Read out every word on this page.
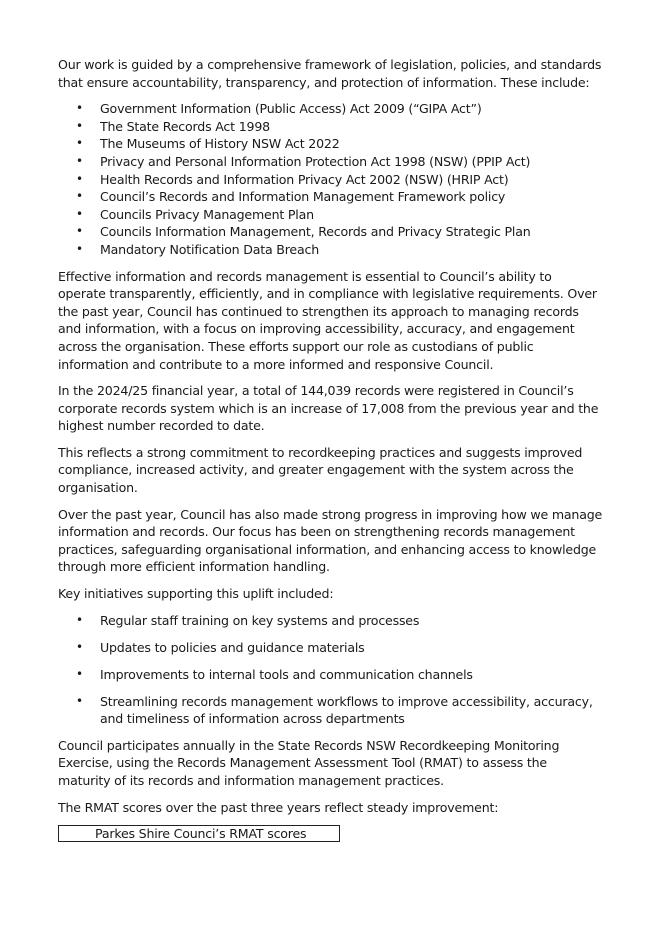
Our work is guided by a comprehensive framework of legislation, policies, and standards that ensure accountability, transparency, and protection of information. These include:

• Government Information (Public Access) Act 2009 (“GIPA Act”)
• The State Records Act 1998
• The Museums of History NSW Act 2022
• Privacy and Personal Information Protection Act 1998 (NSW) (PPIP Act)
• Health Records and Information Privacy Act 2002 (NSW) (HRIP Act)
• Council’s Records and Information Management Framework policy
• Councils Privacy Management Plan
• Councils Information Management, Records and Privacy Strategic Plan
• Mandatory Notification Data Breach

Effective information and records management is essential to Council’s ability to operate transparently, efficiently, and in compliance with legislative requirements. Over the past year, Council has continued to strengthen its approach to managing records and information, with a focus on improving accessibility, accuracy, and engagement across the organisation. These efforts support our role as custodians of public information and contribute to a more informed and responsive Council.

In the 2024/25 financial year, a total of 144,039 records were registered in Council’s corporate records system which is an increase of 17,008 from the previous year and the highest number recorded to date.

This reflects a strong commitment to recordkeeping practices and suggests improved compliance, increased activity, and greater engagement with the system across the organisation.

Over the past year, Council has also made strong progress in improving how we manage information and records. Our focus has been on strengthening records management practices, safeguarding organisational information, and enhancing access to knowledge through more efficient information handling.

Key initiatives supporting this uplift included:

• Regular staff training on key systems and processes
• Updates to policies and guidance materials
• Improvements to internal tools and communication channels
• Streamlining records management workflows to improve accessibility, accuracy, and timeliness of information across departments

Council participates annually in the State Records NSW Recordkeeping Monitoring Exercise, using the Records Management Assessment Tool (RMAT) to assess the maturity of its records and information management practices.

The RMAT scores over the past three years reflect steady improvement:

Parkes Shire Counci’s RMAT scores
